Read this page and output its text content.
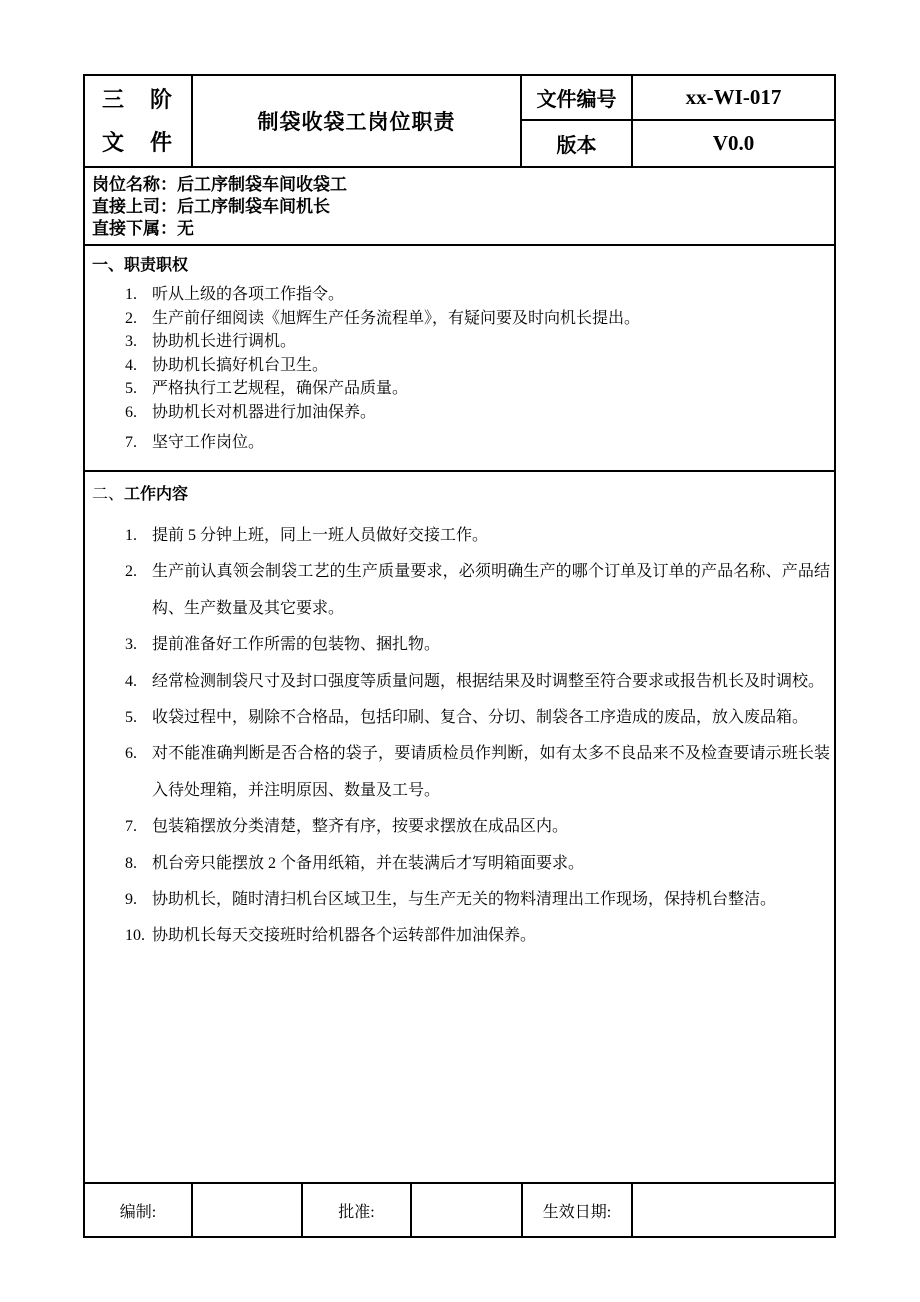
三　阶
文　件
制袋收袋工岗位职责
文件编号	xx-WI-017
版本	V0.0
岗位名称：后工序制袋车间收袋工
直接上司：后工序制袋车间机长
直接下属：无
一、职责职权
1. 听从上级的各项工作指令。
2. 生产前仔细阅读《旭辉生产任务流程单》，有疑问要及时向机长提出。
3. 协助机长进行调机。
4. 协助机长搞好机台卫生。
5. 严格执行工艺规程，确保产品质量。
6. 协助机长对机器进行加油保养。
7. 坚守工作岗位。
二、工作内容
1. 提前 5 分钟上班，同上一班人员做好交接工作。
2. 生产前认真领会制袋工艺的生产质量要求，必须明确生产的哪个订单及订单的产品名称、产品结构、生产数量及其它要求。
3. 提前准备好工作所需的包装物、捆扎物。
4. 经常检测制袋尺寸及封口强度等质量问题，根据结果及时调整至符合要求或报告机长及时调校。
5. 收袋过程中，剔除不合格品，包括印刷、复合、分切、制袋各工序造成的废品，放入废品箱。
6. 对不能准确判断是否合格的袋子，要请质检员作判断，如有太多不良品来不及检查要请示班长装入待处理箱，并注明原因、数量及工号。
7. 包装箱摆放分类清楚，整齐有序，按要求摆放在成品区内。
8. 机台旁只能摆放 2 个备用纸箱，并在装满后才写明箱面要求。
9. 协助机长，随时清扫机台区域卫生，与生产无关的物料清理出工作现场，保持机台整洁。
10. 协助机长每天交接班时给机器各个运转部件加油保养。
编制:	批准:	生效日期:
